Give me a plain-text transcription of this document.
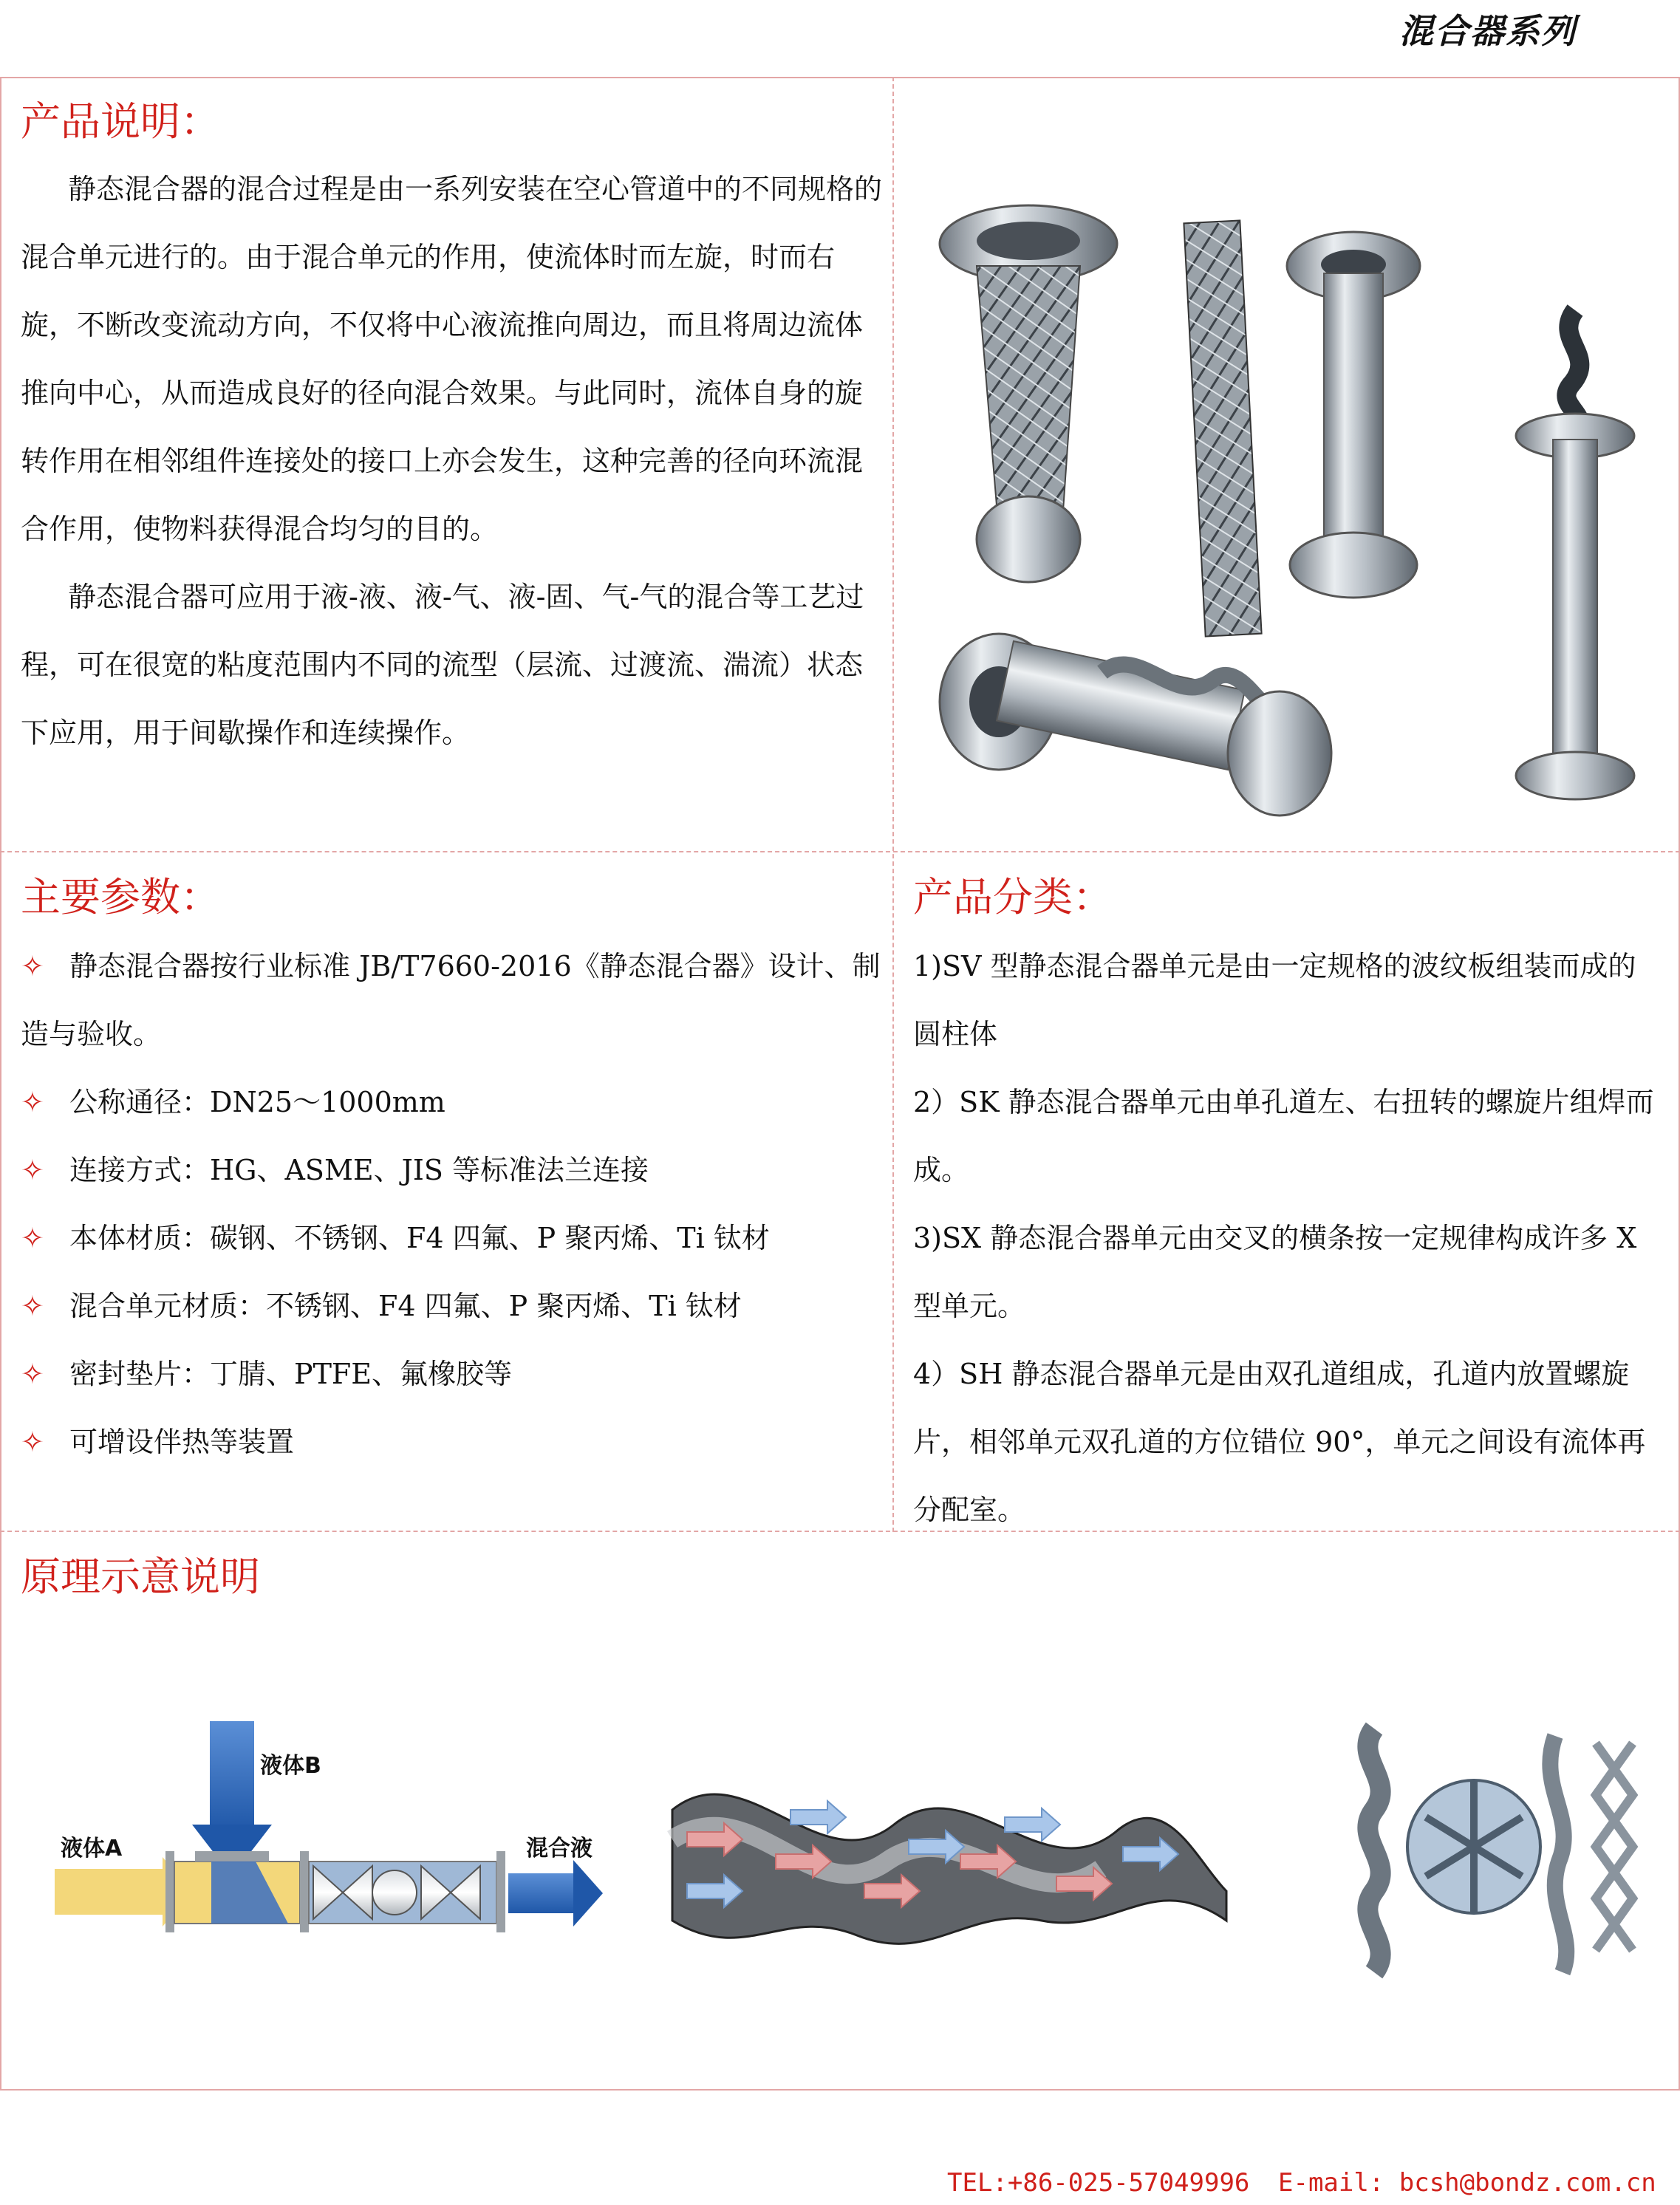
混合器系列
产品说明：

静态混合器的混合过程是由一系列安装在空心管道中的不同规格的混合单元进行的。由于混合单元的作用，使流体时而左旋，时而右旋，不断改变流动方向，不仅将中心液流推向周边，而且将周边流体推向中心，从而造成良好的径向混合效果。与此同时，流体自身的旋转作用在相邻组件连接处的接口上亦会发生，这种完善的径向环流混合作用，使物料获得混合均匀的目的。

静态混合器可应用于液-液、液-气、液-固、气-气的混合等工艺过程，可在很宽的粘度范围内不同的流型（层流、过渡流、湍流）状态下应用，用于间歇操作和连续操作。

主要参数：
✧ 静态混合器按行业标准 JB/T7660-2016《静态混合器》设计、制造与验收。
✧ 公称通径：DN25～1000mm
✧ 连接方式：HG、ASME、JIS 等标准法兰连接
✧ 本体材质：碳钢、不锈钢、F4 四氟、P 聚丙烯、Ti 钛材
✧ 混合单元材质：不锈钢、F4 四氟、P 聚丙烯、Ti 钛材
✧ 密封垫片：丁腈、PTFE、氟橡胶等
✧ 可增设伴热等装置
产品分类：

1)SV 型静态混合器单元是由一定规格的波纹板组装而成的圆柱体

2）SK 静态混合器单元由单孔道左、右扭转的螺旋片组焊而成。

3)SX 静态混合器单元由交叉的横条按一定规律构成许多 X 型单元。

4）SH 静态混合器单元是由双孔道组成，孔道内放置螺旋片，相邻单元双孔道的方位错位 90°，单元之间设有流体再分配室。

原理示意说明
液体B
液体A	混合液
TEL:+86-025-57049996 E-mail: bcsh@bondz.com.cn
